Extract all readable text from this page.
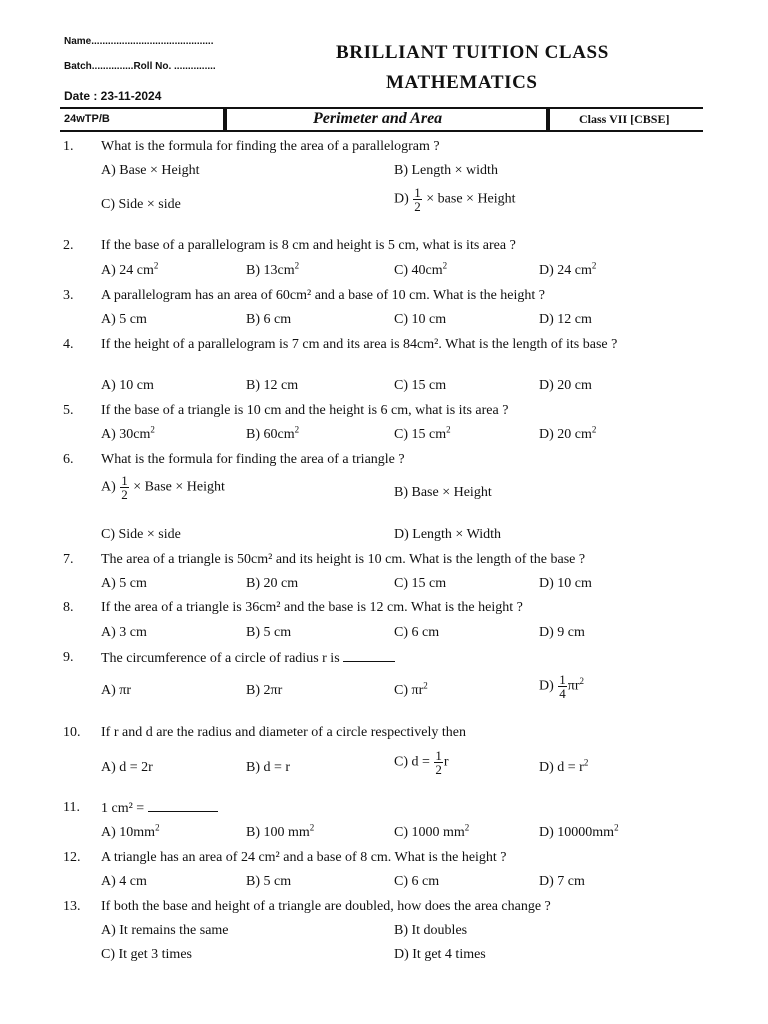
Name............................................
Batch...............Roll No. ...............
Date : 23-11-2024
BRILLIANT TUITION CLASS
MATHEMATICS
24wTP/B	Perimeter and Area	Class VII [CBSE]
1. What is the formula for finding the area of a parallelogram ?
A) Base × Height	B) Length × width
C) Side × side	$D) \frac{1}{2}$ × base × Height
2. If the base of a parallelogram is 8 cm and height is 5 cm, what is its area ?
A) 24 $cm^2$	B) $13cm^2$	C) $40cm^2$	D) 24 $cm^2$
3. A parallelogram has an area of 60cm² and a base of 10 cm. What is the height ?
A) 5 cm	B) 6 cm	C) 10 cm	D) 12 cm
4. If the height of a parallelogram is 7 cm and its area is 84cm². What is the length of its base ?
A) 10 cm	B) 12 cm	C) 15 cm	D) 20 cm
5. If the base of a triangle is 10 cm and the height is 6 cm, what is its area ?
A) $30cm^2$	B) $60cm^2$	C) 15 $cm^2$	D) 20 $cm^2$
6. What is the formula for finding the area of a triangle ?
$A) \frac{1}{2}$ × Base × Height	B) Base × Height
C) Side × side	D) Length × Width
7. The area of a triangle is 50cm² and its height is 10 cm. What is the length of the base ?
A) 5 cm	B) 20 cm	C) 15 cm	D) 10 cm
8. If the area of a triangle is 36cm² and the base is 12 cm. What is the height ?
A) 3 cm	B) 5 cm	C) 6 cm	D) 9 cm
9. The circumference of a circle of radius r is
A) πr	B) 2πr	C) $\pi r^2$	$D) \frac{1}{4} \pi r^2$
10. If r and d are the radius and diameter of a circle respectively then
A) d = 2r	B) d = r	C) $d = \frac{1}{2}$ r	D) $d = r^2$
11. 1 cm² =
A) $10mm^2$	B) 100 $mm^2$	C) 1000 $mm^2$	D) $10000mm^2$
12. A triangle has an area of 24 cm² and a base of 8 cm. What is the height ?
A) 4 cm	B) 5 cm	C) 6 cm	D) 7 cm
13. If both the base and height of a triangle are doubled, how does the area change ?
A) It remains the same	B) It doubles
C) It get 3 times	D) It get 4 times
